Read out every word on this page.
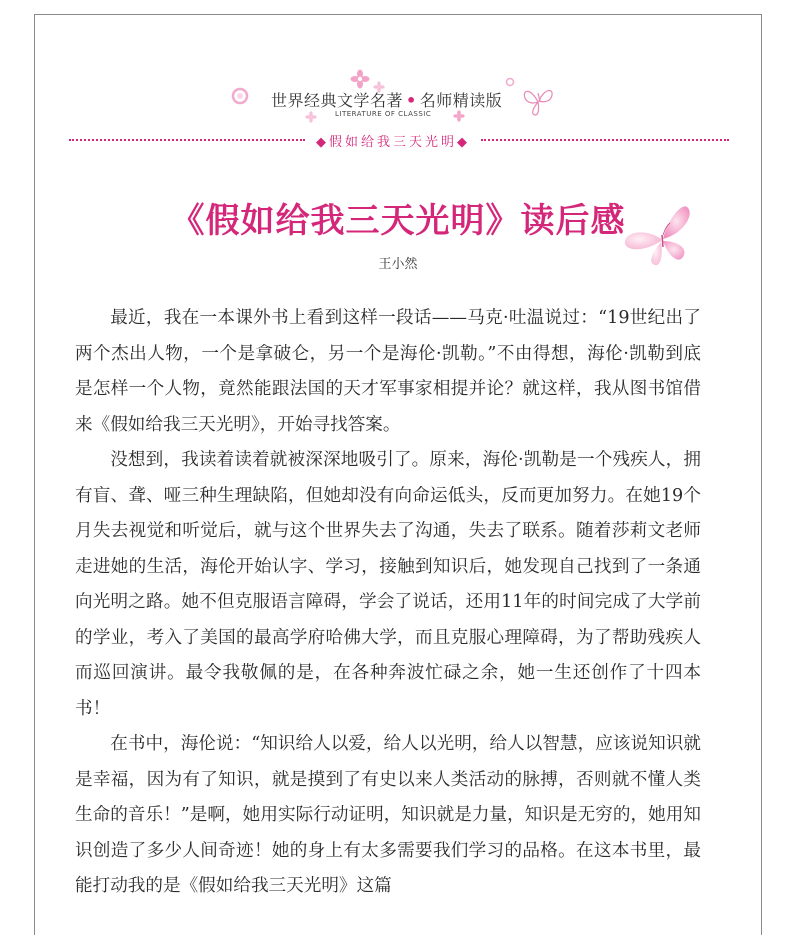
世界经典文学名著 • 名师精读版
LITERATURE OF CLASSIC
◆假如给我三天光明◆
《假如给我三天光明》读后感
王小然

最近，我在一本课外书上看到这样一段话——马克·吐温说过：“19世纪出了两个杰出人物，一个是拿破仑，另一个是海伦·凯勒。”不由得想，海伦·凯勒到底是怎样一个人物，竟然能跟法国的天才军事家相提并论？就这样，我从图书馆借来《假如给我三天光明》，开始寻找答案。

没想到，我读着读着就被深深地吸引了。原来，海伦·凯勒是一个残疾人，拥有盲、聋、哑三种生理缺陷，但她却没有向命运低头，反而更加努力。在她19个月失去视觉和听觉后，就与这个世界失去了沟通，失去了联系。随着莎莉文老师走进她的生活，海伦开始认字、学习，接触到知识后，她发现自己找到了一条通向光明之路。她不但克服语言障碍，学会了说话，还用11年的时间完成了大学前的学业，考入了美国的最高学府哈佛大学，而且克服心理障碍，为了帮助残疾人而巡回演讲。最令我敬佩的是，在各种奔波忙碌之余，她一生还创作了十四本书！

在书中，海伦说：“知识给人以爱，给人以光明，给人以智慧，应该说知识就是幸福，因为有了知识，就是摸到了有史以来人类活动的脉搏，否则就不懂人类生命的音乐！”是啊，她用实际行动证明，知识就是力量，知识是无穷的，她用知识创造了多少人间奇迹！她的身上有太多需要我们学习的品格。在这本书里，最能打动我的是《假如给我三天光明》这篇
